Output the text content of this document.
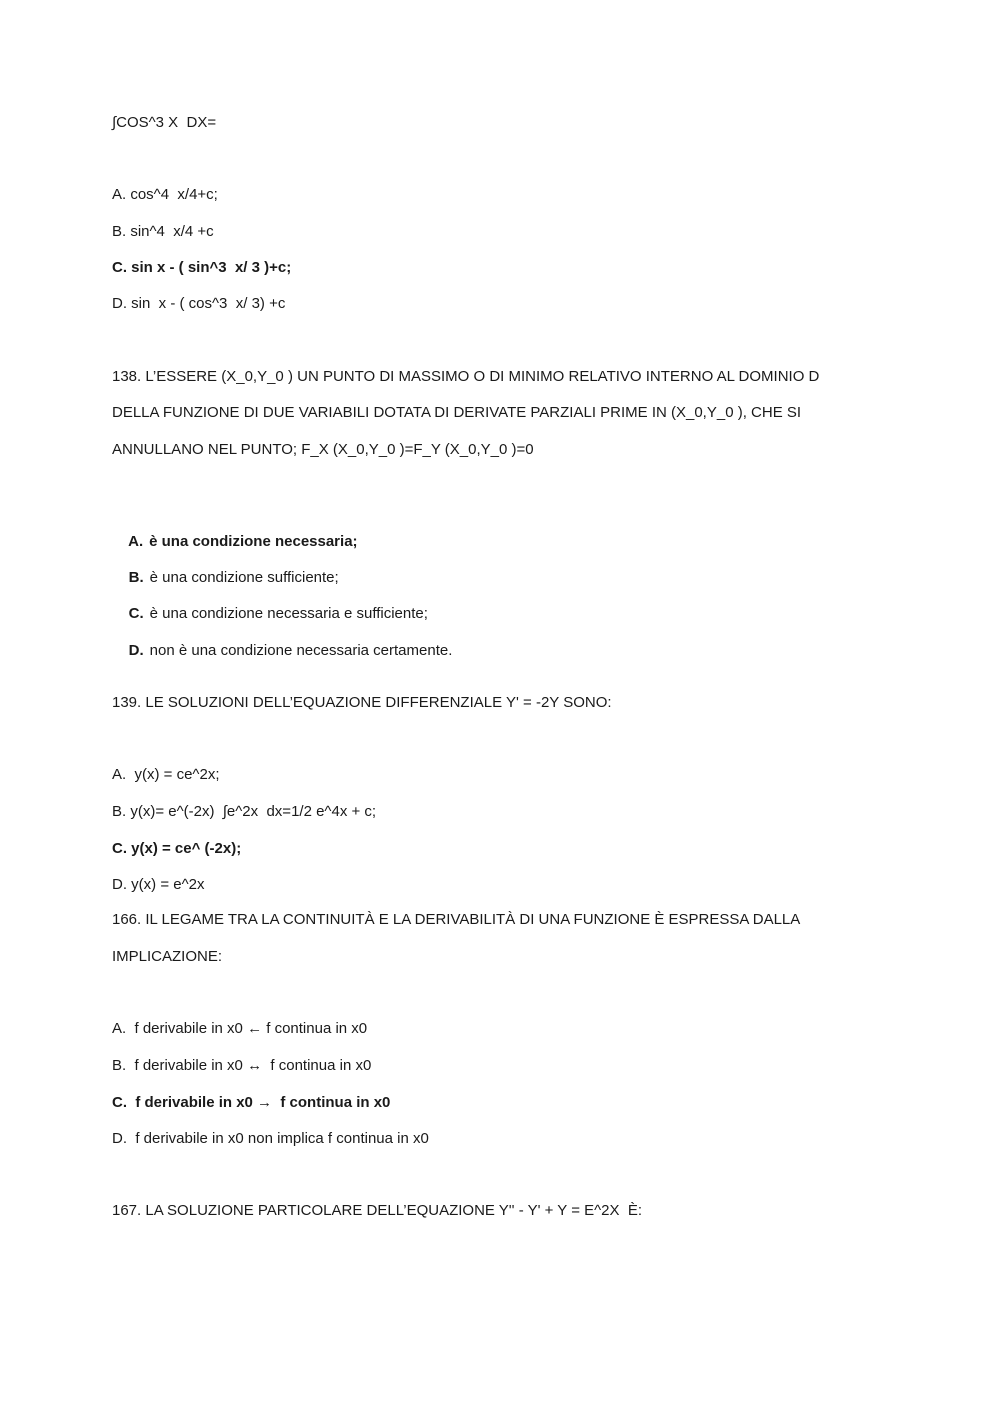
∫COS^3 X  DX=
A. cos^4  x/4+c;
B. sin^4  x/4 +c
C. sin x - ( sin^3  x/ 3 )+c;
D. sin  x - ( cos^3  x/ 3) +c
138. L’ESSERE (X_0,Y_0 ) UN PUNTO DI MASSIMO O DI MINIMO RELATIVO INTERNO AL DOMINIO D
DELLA FUNZIONE DI DUE VARIABILI DOTATA DI DERIVATE PARZIALI PRIME IN (X_0,Y_0 ), CHE SI
ANNULLANO NEL PUNTO; F_X (X_0,Y_0 )=F_Y (X_0,Y_0 )=0

A. è una condizione necessaria;

B. è una condizione sufficiente;

C. è una condizione necessaria e sufficiente;

D. non è una condizione necessaria certamente.

139. LE SOLUZIONI DELL’EQUAZIONE DIFFERENZIALE Y' = -2Y SONO:
A.  y(x) = ce^2x;
B. y(x)= e^(-2x)  ∫e^2x  dx=1/2 e^4x + c;
C. y(x) = ce^ (-2x);
D. y(x) = e^2x
166. IL LEGAME TRA LA CONTINUITÀ E LA DERIVABILITÀ DI UNA FUNZIONE È ESPRESSA DALLA
IMPLICAZIONE:
A.  f derivabile in x0 ← f continua in x0
B.  f derivabile in x0 ↔  f continua in x0
C.  f derivabile in x0 →  f continua in x0
D.  f derivabile in x0 non implica f continua in x0
167. LA SOLUZIONE PARTICOLARE DELL’EQUAZIONE Y'' - Y' + Y = E^2X  È:
